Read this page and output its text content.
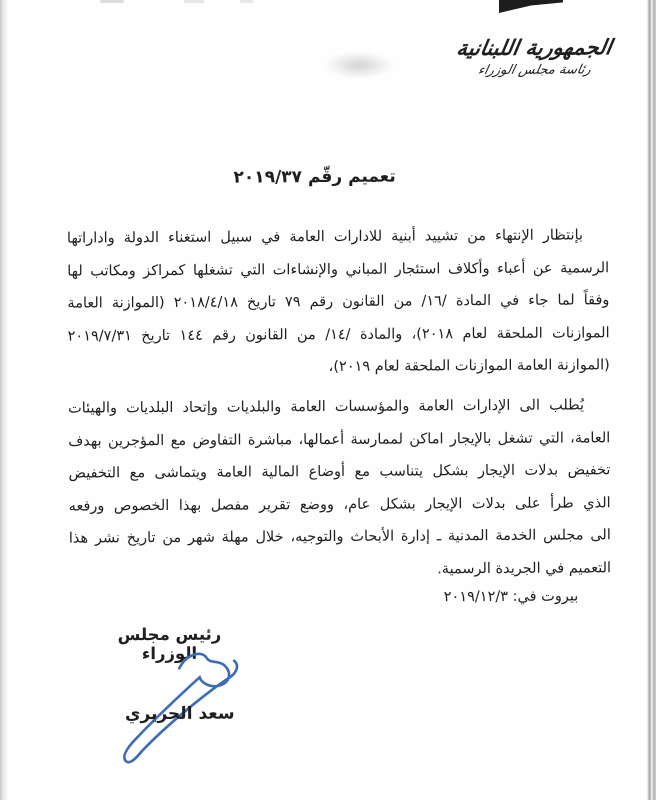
الجمهورية اللبنانية
رئاسة مجلس الوزراء
تعميم رقّم ٢٠١٩/٣٧
بإنتظار الإنتهاء من تشييد أبنية للادارات العامة في سبيل استغناء الدولة واداراتها
الرسمية عن أعباء وأكلاف استئجار المباني والإنشاءات التي تشغلها كمراكز ومكاتب لها
وفقاً لما جاء في المادة /١٦/ من القانون رقم ٧٩ تاريخ ٢٠١٨/٤/١٨ (الموازنة العامة
الموازنات الملحقة لعام ٢٠١٨)، والمادة /١٤/ من القانون رقم ١٤٤ تاريخ ٢٠١٩/٧/٣١
(الموازنة العامة الموازنات الملحقة لعام ٢٠١٩)،
يُطلب الى الإدارات العامة والمؤسسات العامة والبلديات وإتحاد البلديات والهيئات
العامة، التي تشغل بالإيجار اماكن لممارسة أعمالها، مباشرة التفاوض مع المؤجرين بهدف
تخفيض بدلات الإيجار بشكل يتناسب مع أوضاع المالية العامة ويتماشى مع التخفيض
الذي طرأ على بدلات الإيجار بشكل عام، ووضع تقرير مفصل بهذا الخصوص ورفعه
الى مجلس الخدمة المدنية ـ إدارة الأبحاث والتوجيه، خلال مهلة شهر من تاريخ نشر هذا
التعميم في الجريدة الرسمية.
بيروت في: ٢٠١٩/١٢/٣
رئيس مجلس الوزراء
سعد الحريري
